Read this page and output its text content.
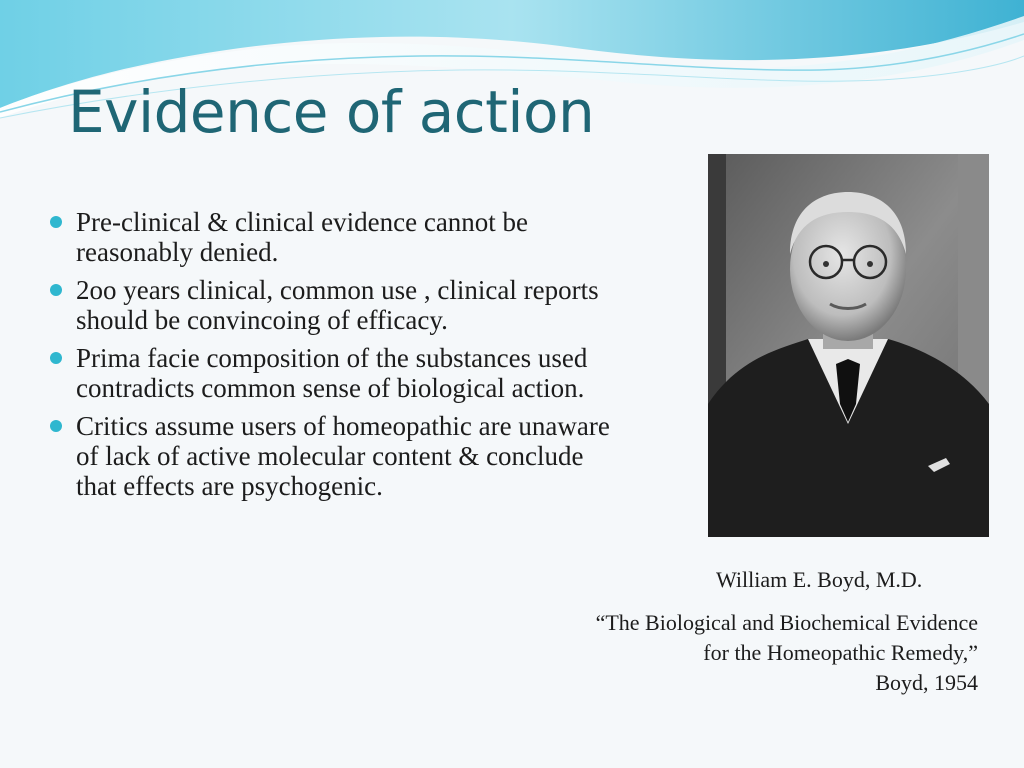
Evidence of action
Pre-clinical & clinical evidence cannot be reasonably denied.
2oo years clinical, common use , clinical reports should be convincoing of efficacy.
Prima facie composition of the substances used contradicts common sense of biological action.
Critics assume users of homeopathic are unaware of lack of active molecular content & conclude that effects are psychogenic.
William E. Boyd, M.D.
“The Biological and Biochemical Evidence
for the Homeopathic Remedy,”
Boyd, 1954
